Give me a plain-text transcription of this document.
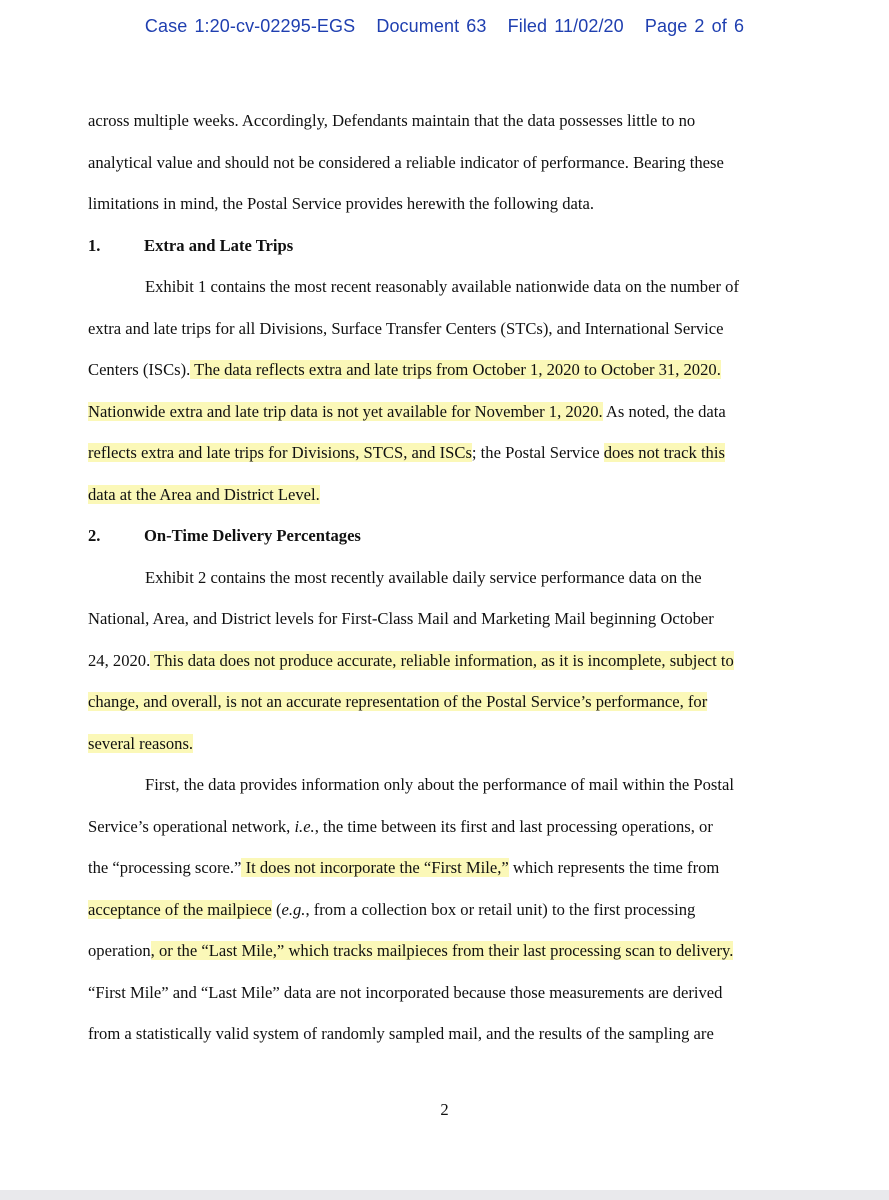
Case 1:20-cv-02295-EGS Document 63 Filed 11/02/20 Page 2 of 6
across multiple weeks. Accordingly, Defendants maintain that the data possesses little to no
analytical value and should not be considered a reliable indicator of performance. Bearing these
limitations in mind, the Postal Service provides herewith the following data.
1.	Extra and Late Trips
Exhibit 1 contains the most recent reasonably available nationwide data on the number of
extra and late trips for all Divisions, Surface Transfer Centers (STCs), and International Service
Centers (ISCs). The data reflects extra and late trips from October 1, 2020 to October 31, 2020.
Nationwide extra and late trip data is not yet available for November 1, 2020. As noted, the data
reflects extra and late trips for Divisions, STCS, and ISCs; the Postal Service does not track this
data at the Area and District Level.
2.	On-Time Delivery Percentages
Exhibit 2 contains the most recently available daily service performance data on the
National, Area, and District levels for First-Class Mail and Marketing Mail beginning October
24, 2020. This data does not produce accurate, reliable information, as it is incomplete, subject to
change, and overall, is not an accurate representation of the Postal Service’s performance, for
several reasons.
First, the data provides information only about the performance of mail within the Postal
Service’s operational network, i.e., the time between its first and last processing operations, or
the “processing score.” It does not incorporate the “First Mile,” which represents the time from
acceptance of the mailpiece (e.g., from a collection box or retail unit) to the first processing
operation, or the “Last Mile,” which tracks mailpieces from their last processing scan to delivery.
“First Mile” and “Last Mile” data are not incorporated because those measurements are derived
from a statistically valid system of randomly sampled mail, and the results of the sampling are
2
